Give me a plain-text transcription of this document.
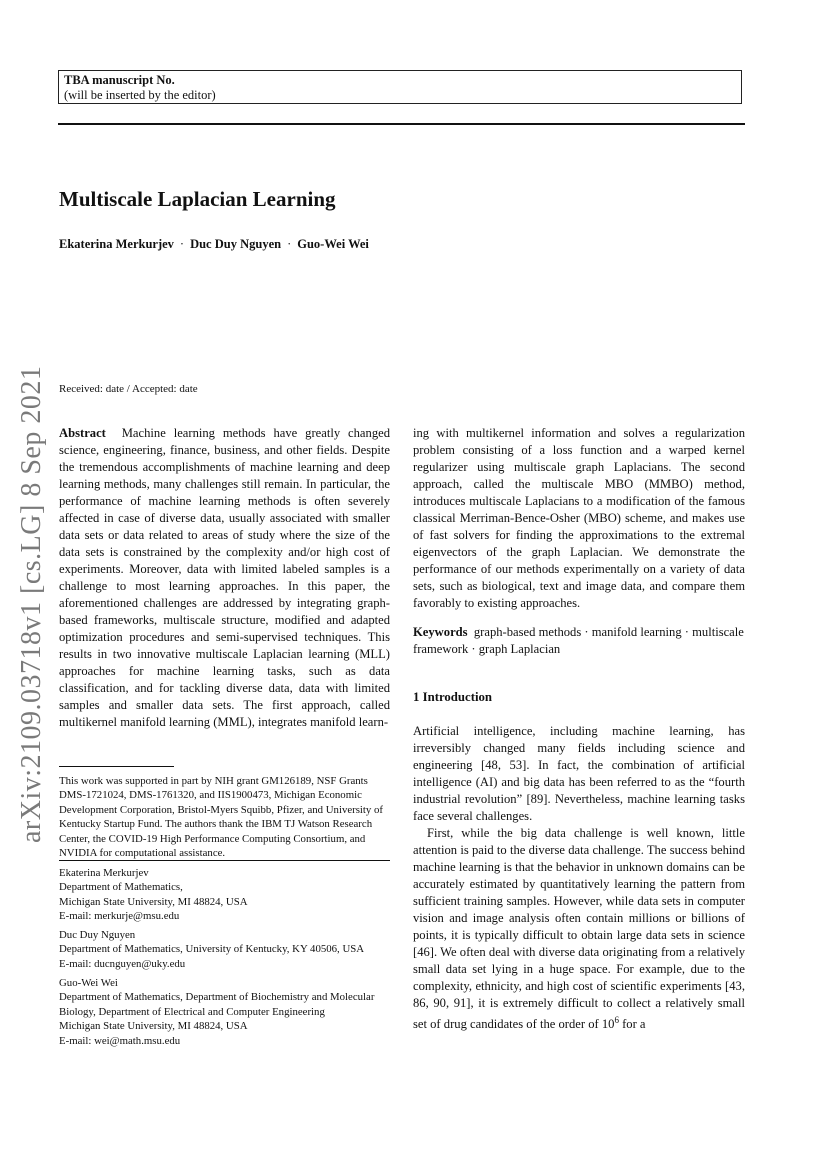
TBA manuscript No.
(will be inserted by the editor)
Multiscale Laplacian Learning
Ekaterina Merkurjev · Duc Duy Nguyen · Guo-Wei Wei
arXiv:2109.03718v1 [cs.LG] 8 Sep 2021 Received: date / Accepted: date
Abstract Machine learning methods have greatly changed science, engineering, finance, business, and other fields. Despite the tremendous accomplishments of machine learning and deep learning methods, many challenges still remain. In particular, the performance of machine learning methods is often severely affected in case of diverse data, usually associated with smaller data sets or data related to areas of study where the size of the data sets is constrained by the complexity and/or high cost of experiments. Moreover, data with limited labeled samples is a challenge to most learning approaches. In this paper, the aforementioned challenges are addressed by integrating graph-based frameworks, multiscale structure, modified and adapted optimization procedures and semi-supervised techniques. This results in two innovative multiscale Laplacian learning (MLL) approaches for machine learning tasks, such as data classification, and for tackling diverse data, data with limited samples and smaller data sets. The first approach, called multikernel manifold learning (MML), integrates manifold learn-
ing with multikernel information and solves a regularization problem consisting of a loss function and a warped kernel regularizer using multiscale graph Laplacians. The second approach, called the multiscale MBO (MMBO) method, introduces multiscale Laplacians to a modification of the famous classical Merriman-Bence-Osher (MBO) scheme, and makes use of fast solvers for finding the approximations to the extremal eigenvectors of the graph Laplacian. We demonstrate the performance of our methods experimentally on a variety of data sets, such as biological, text and image data, and compare them favorably to existing approaches.
Keywords graph-based methods · manifold learning · multiscale framework · graph Laplacian
1 Introduction

Artificial intelligence, including machine learning, has irreversibly changed many fields including science and engineering [48, 53]. In fact, the combination of artificial intelligence (AI) and big data has been referred to as the “fourth industrial revolution” [89]. Nevertheless, machine learning tasks face several challenges.

First, while the big data challenge is well known, little attention is paid to the diverse data challenge. The success behind machine learning is that the behavior in unknown domains can be accurately estimated by quantitatively learning the pattern from sufficient training samples. However, while data sets in computer vision and image analysis often contain millions or billions of points, it is typically difficult to obtain large data sets in science [46]. We often deal with diverse data originating from a relatively small data set lying in a huge space. For example, due to the complexity, ethnicity, and high cost of scientific experiments [43, 86, 90, 91], it is extremely difficult to collect a relatively small set of drug candidates of the order of $10^6$ for a

This work was supported in part by NIH grant GM126189, NSF Grants DMS-1721024, DMS-1761320, and IIS1900473, Michigan Economic Development Corporation, Bristol-Myers Squibb, Pfizer, and University of Kentucky Startup Fund. The authors thank the IBM TJ Watson Research Center, the COVID-19 High Performance Computing Consortium, and NVIDIA for computational assistance.
Ekaterina Merkurjev
Department of Mathematics,
Michigan State University, MI 48824, USA
E-mail: merkurje@msu.edu
Duc Duy Nguyen
Department of Mathematics, University of Kentucky, KY 40506, USA
E-mail: ducnguyen@uky.edu
Guo-Wei Wei
Department of Mathematics, Department of Biochemistry and Molecular Biology, Department of Electrical and Computer Engineering
Michigan State University, MI 48824, USA
E-mail: wei@math.msu.edu
